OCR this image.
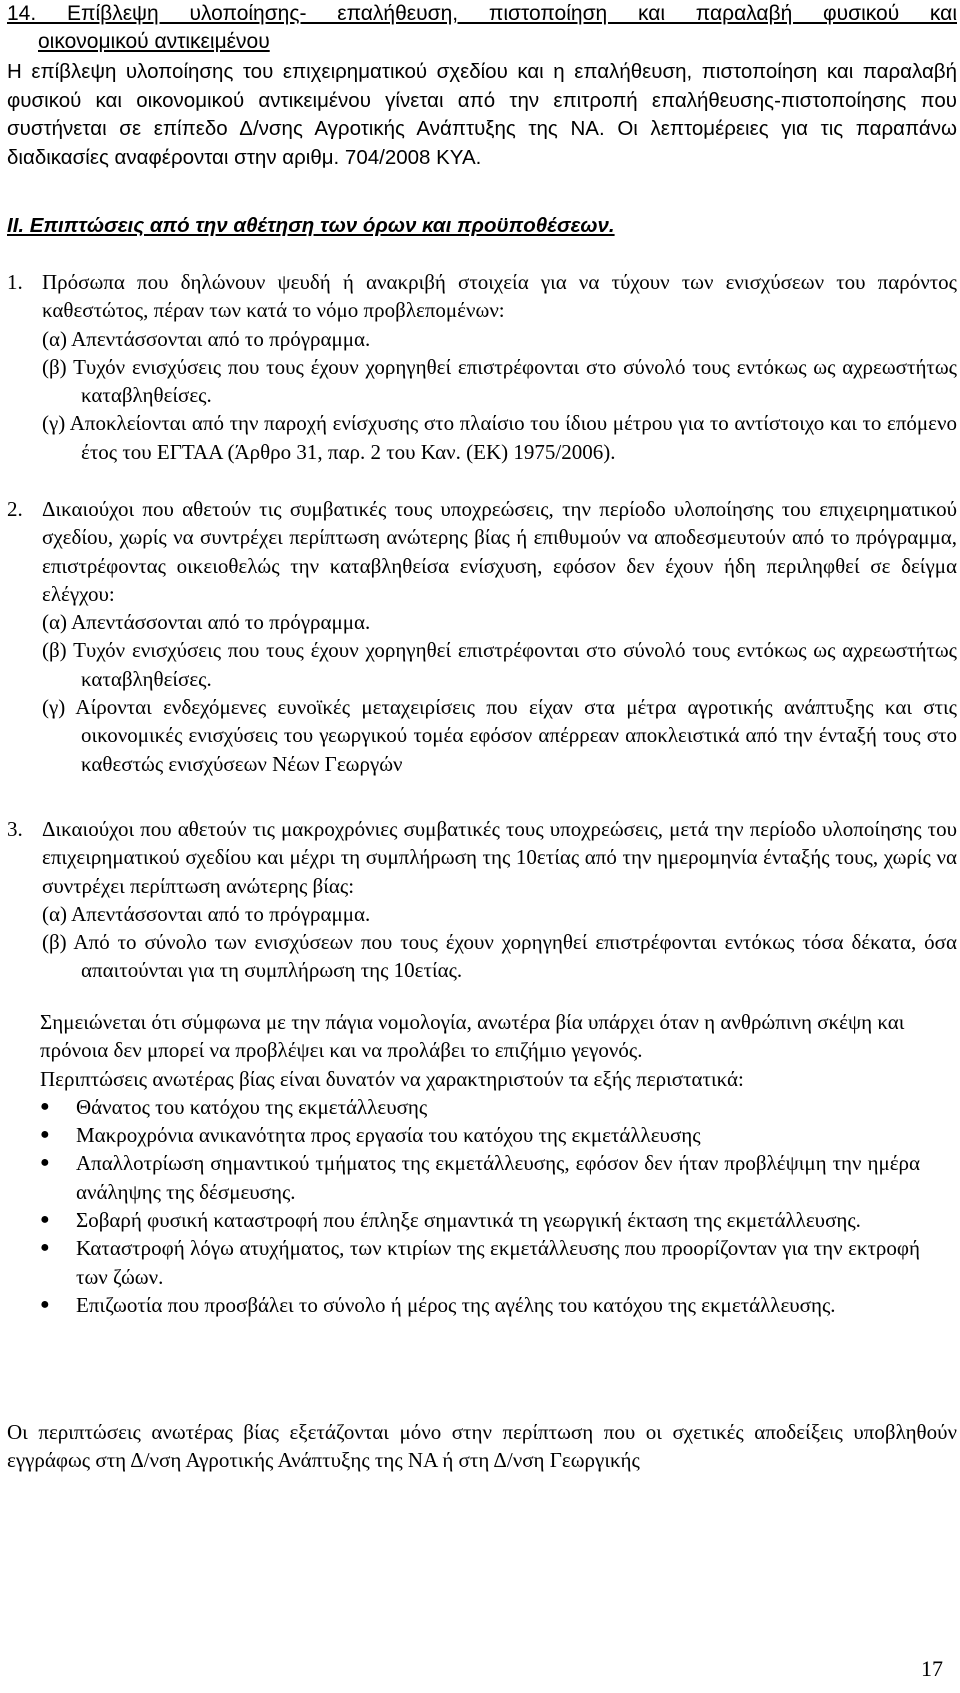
14. Επίβλεψη υλοποίησης- επαλήθευση, πιστοποίηση και παραλαβή φυσικού και
οικονομικού αντικειμένου

Η επίβλεψη υλοποίησης του επιχειρηματικού σχεδίου και η επαλήθευση, πιστοποίηση και παραλαβή φυσικού και οικονομικού αντικειμένου γίνεται από την επιτροπή επαλήθευσης-πιστοποίησης που συστήνεται σε επίπεδο Δ/νσης Αγροτικής Ανάπτυξης της ΝΑ. Οι λεπτομέρειες για τις παραπάνω διαδικασίες αναφέρονται στην αριθμ. 704/2008 ΚΥΑ.

ΙΙ. Επιπτώσεις από την αθέτηση των όρων και προϋποθέσεων.

1. Πρόσωπα που δηλώνουν ψευδή ή ανακριβή στοιχεία για να τύχουν των ενισχύσεων του παρόντος καθεστώτος, πέραν των κατά το νόμο προβλεπομένων:
(α) Απεντάσσονται από το πρόγραμμα.
(β) Τυχόν ενισχύσεις που τους έχουν χορηγηθεί επιστρέφονται στο σύνολό τους εντόκως ως αχρεωστήτως καταβληθείσες.
(γ) Αποκλείονται από την παροχή ενίσχυσης στο πλαίσιο του ίδιου μέτρου για το αντίστοιχο και το επόμενο έτος του ΕΓΤΑΑ (Άρθρο 31, παρ. 2 του Καν. (ΕΚ) 1975/2006).
2. Δικαιούχοι που αθετούν τις συμβατικές τους υποχρεώσεις, την περίοδο υλοποίησης του επιχειρηματικού σχεδίου, χωρίς να συντρέχει περίπτωση ανώτερης βίας ή επιθυμούν να αποδεσμευτούν από το πρόγραμμα, επιστρέφοντας οικειοθελώς την καταβληθείσα ενίσχυση, εφόσον δεν έχουν ήδη περιληφθεί σε δείγμα ελέγχου:
(α) Απεντάσσονται από το πρόγραμμα.
(β) Τυχόν ενισχύσεις που τους έχουν χορηγηθεί επιστρέφονται στο σύνολό τους εντόκως ως αχρεωστήτως καταβληθείσες.
(γ) Αίρονται ενδεχόμενες ευνοϊκές μεταχειρίσεις που είχαν στα μέτρα αγροτικής ανάπτυξης και στις οικονομικές ενισχύσεις του γεωργικού τομέα εφόσον απέρρεαν αποκλειστικά από την ένταξή τους στο καθεστώς ενισχύσεων Νέων Γεωργών
3. Δικαιούχοι που αθετούν τις μακροχρόνιες συμβατικές τους υποχρεώσεις, μετά την περίοδο υλοποίησης του επιχειρηματικού σχεδίου και μέχρι τη συμπλήρωση της 10ετίας από την ημερομηνία ένταξής τους, χωρίς να συντρέχει περίπτωση ανώτερης βίας:
(α) Απεντάσσονται από το πρόγραμμα.
(β) Από το σύνολο των ενισχύσεων που τους έχουν χορηγηθεί επιστρέφονται εντόκως τόσα δέκατα, όσα απαιτούνται για τη συμπλήρωση της 10ετίας.
Σημειώνεται ότι σύμφωνα με την πάγια νομολογία, ανωτέρα βία υπάρχει όταν η ανθρώπινη σκέψη και πρόνοια δεν μπορεί να προβλέψει και να προλάβει το επιζήμιο γεγονός.
Περιπτώσεις ανωτέρας βίας είναι δυνατόν να χαρακτηριστούν τα εξής περιστατικά:
● Θάνατος του κατόχου της εκμετάλλευσης
● Μακροχρόνια ανικανότητα προς εργασία του κατόχου της εκμετάλλευσης
● Απαλλοτρίωση σημαντικού τμήματος της εκμετάλλευσης, εφόσον δεν ήταν προβλέψιμη την ημέρα ανάληψης της δέσμευσης.
● Σοβαρή φυσική καταστροφή που έπληξε σημαντικά τη γεωργική έκταση της εκμετάλλευσης.
● Καταστροφή λόγω ατυχήματος, των κτιρίων της εκμετάλλευσης που προορίζονταν για την εκτροφή των ζώων.
● Επιζωοτία που προσβάλει το σύνολο ή μέρος της αγέλης του κατόχου της εκμετάλλευσης.

Οι περιπτώσεις ανωτέρας βίας εξετάζονται μόνο στην περίπτωση που οι σχετικές αποδείξεις υποβληθούν εγγράφως στη Δ/νση Αγροτικής Ανάπτυξης της ΝΑ ή στη Δ/νση Γεωργικής

17
